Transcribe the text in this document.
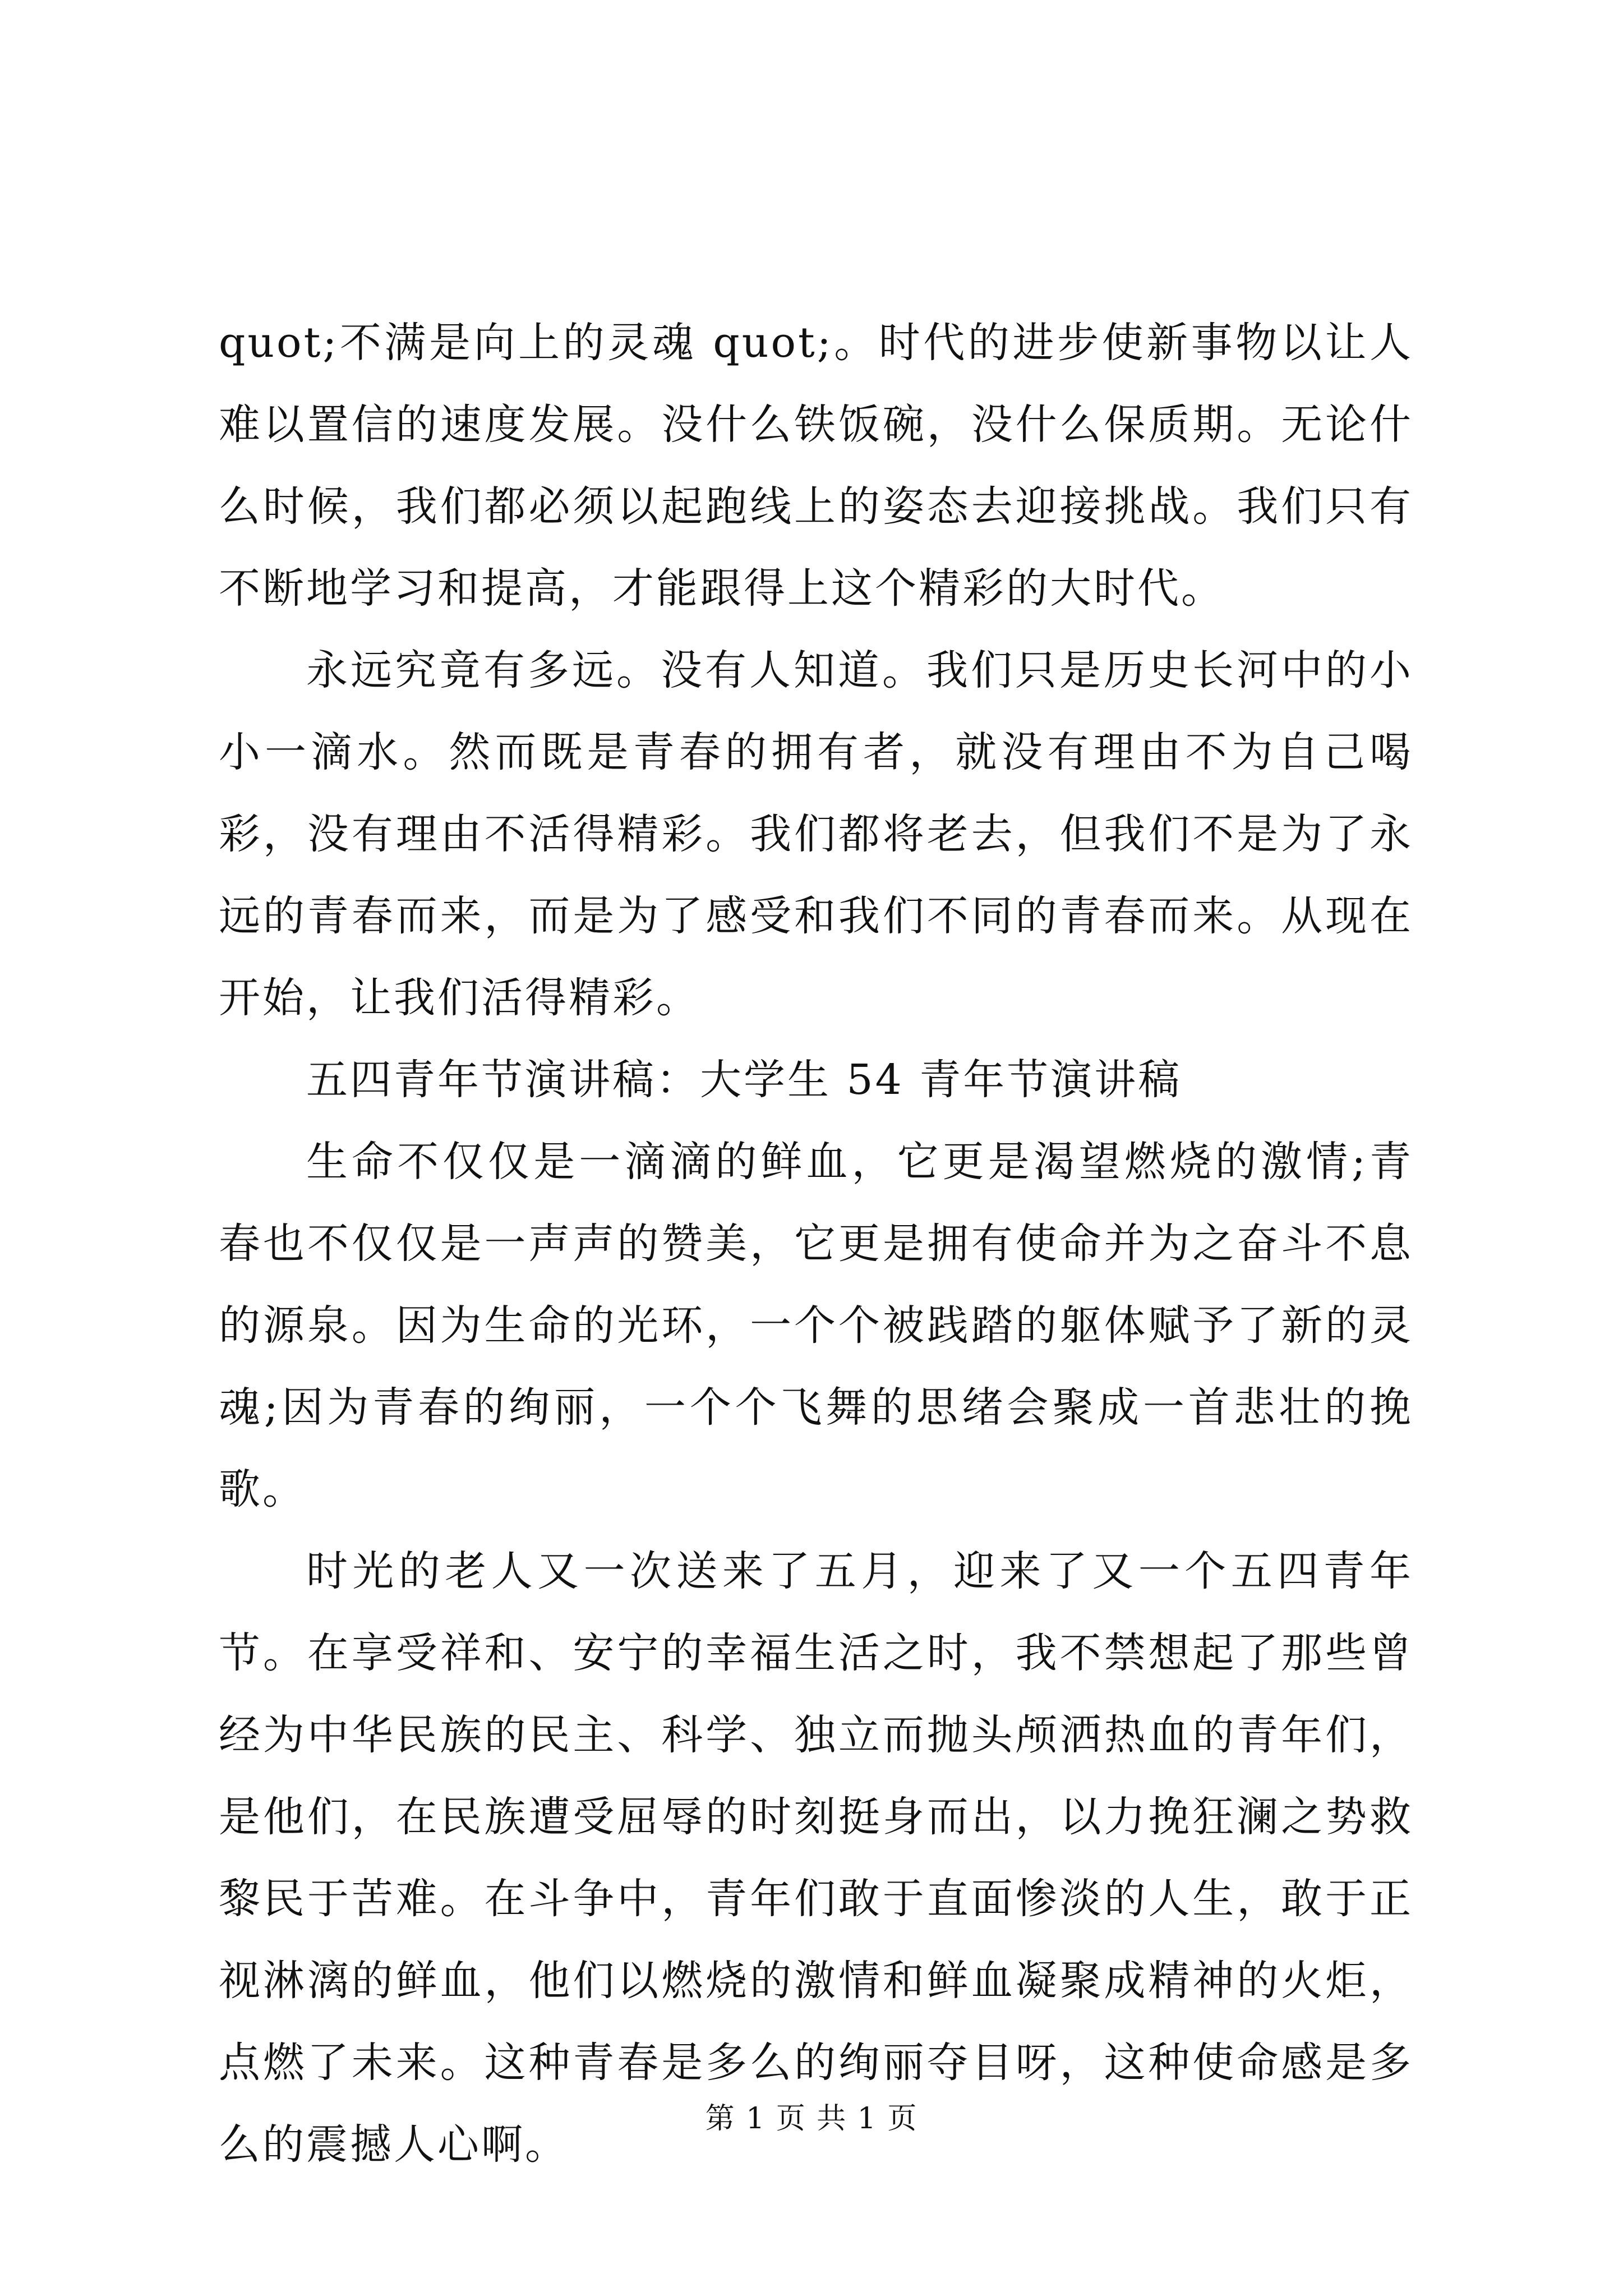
quot;不满是向上的灵魂 quot;。时代的进步使新事物以让人难以置信的速度发展。没什么铁饭碗，没什么保质期。无论什么时候，我们都必须以起跑线上的姿态去迎接挑战。我们只有不断地学习和提高，才能跟得上这个精彩的大时代。

永远究竟有多远。没有人知道。我们只是历史长河中的小小一滴水。然而既是青春的拥有者，就没有理由不为自己喝彩，没有理由不活得精彩。我们都将老去，但我们不是为了永远的青春而来，而是为了感受和我们不同的青春而来。从现在开始，让我们活得精彩。

五四青年节演讲稿：大学生 54 青年节演讲稿

生命不仅仅是一滴滴的鲜血，它更是渴望燃烧的激情;青春也不仅仅是一声声的赞美，它更是拥有使命并为之奋斗不息的源泉。因为生命的光环，一个个被践踏的躯体赋予了新的灵魂;因为青春的绚丽，一个个飞舞的思绪会聚成一首悲壮的挽歌。

时光的老人又一次送来了五月，迎来了又一个五四青年节。在享受祥和、安宁的幸福生活之时，我不禁想起了那些曾经为中华民族的民主、科学、独立而抛头颅洒热血的青年们，是他们，在民族遭受屈辱的时刻挺身而出，以力挽狂澜之势救黎民于苦难。在斗争中，青年们敢于直面惨淡的人生，敢于正视淋漓的鲜血，他们以燃烧的激情和鲜血凝聚成精神的火炬，点燃了未来。这种青春是多么的绚丽夺目呀，这种使命感是多么的震撼人心啊。

第 1 页 共 1 页
